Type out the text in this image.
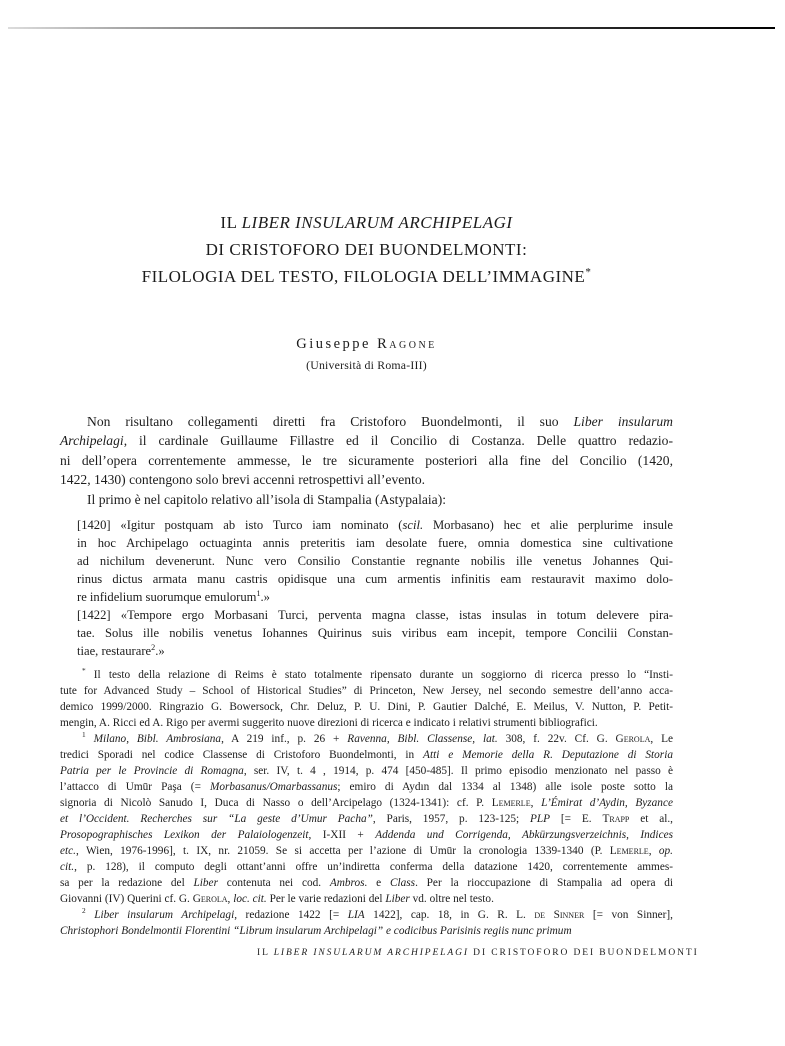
IL LIBER INSULARUM ARCHIPELAGI
DI CRISTOFORO DEI BUONDELMONTI:
FILOLOGIA DEL TESTO, FILOLOGIA DELL’IMMAGINE*
Giuseppe Ragone
(Università di Roma-III)
Non risultano collegamenti diretti fra Cristoforo Buondelmonti, il suo Liber insularum
Archipelagi, il cardinale Guillaume Fillastre ed il Concilio di Costanza. Delle quattro redazio-
ni dell’opera correntemente ammesse, le tre sicuramente posteriori alla fine del Concilio (1420,
1422, 1430) contengono solo brevi accenni retrospettivi all’evento.
Il primo è nel capitolo relativo all’isola di Stampalia (Astypalaia):
[1420] «Igitur postquam ab isto Turco iam nominato (scil. Morbasano) hec et alie perplurime insule
in hoc Archipelago octuaginta annis preteritis iam desolate fuere, omnia domestica sine cultivatione
ad nichilum devenerunt. Nunc vero Consilio Constantie regnante nobilis ille venetus Johannes Qui-
rinus dictus armata manu castris opidisque una cum armentis infinitis eam restauravit maximo dolo-
re infidelium suorumque emulorum$^1$.»
[1422] «Tempore ergo Morbasani Turci, perventa magna classe, istas insulas in totum delevere pira-
tae. Solus ille nobilis venetus Iohannes Quirinus suis viribus eam incepit, tempore Concilii Constan-
tiae, restaurare$^2$.»
* Il testo della relazione di Reims è stato totalmente ripensato durante un soggiorno di ricerca presso lo “Insti-
tute for Advanced Study – School of Historical Studies” di Princeton, New Jersey, nel secondo semestre dell’anno acca-
demico 1999/2000. Ringrazio G. Bowersock, Chr. Deluz, P. U. Dini, P. Gautier Dalché, E. Meilus, V. Nutton, P. Petit-
mengin, A. Ricci ed A. Rigo per avermi suggerito nuove direzioni di ricerca e indicato i relativi strumenti bibliografici.
$^1$ Milano, Bibl. Ambrosiana, A 219 inf., p. 26 + Ravenna, Bibl. Classense, lat. 308, f. 22v. Cf. G. Gerola, Le
tredici Sporadi nel codice Classense di Cristoforo Buondelmonti, in Atti e Memorie della R. Deputazione di Storia
Patria per le Provincie di Romagna, ser. IV, t. 4 , 1914, p. 474 [450-485]. Il primo episodio menzionato nel passo è
l’attacco di Umūr Paşa (= Morbasanus/Omarbassanus; emiro di Aydın dal 1334 al 1348) alle isole poste sotto la
signoria di Nicolò Sanudo I, Duca di Nasso o dell’Arcipelago (1324-1341): cf. P. Lemerle, L’Émirat d’Aydin, Byzance
et l’Occident. Recherches sur “La geste d’Umur Pacha”, Paris, 1957, p. 123-125; PLP [= E. Trapp et al.,
Prosopographisches Lexikon der Palaiologenzeit, I-XII + Addenda und Corrigenda, Abkürzungsverzeichnis, Indices
etc., Wien, 1976-1996], t. IX, nr. 21059. Se si accetta per l’azione di Umūr la cronologia 1339-1340 (P. Lemerle, op.
cit., p. 128), il computo degli ottant’anni offre un’indiretta conferma della datazione 1420, correntemente ammes-
sa per la redazione del Liber contenuta nei cod. Ambros. e Class. Per la rioccupazione di Stampalia ad opera di
Giovanni (IV) Querini cf. G. Gerola, loc. cit. Per le varie redazioni del Liber vd. oltre nel testo.
$^2$ Liber insularum Archipelagi, redazione 1422 [= LIA 1422], cap. 18, in G. R. L. de Sinner [= von Sinner],
Christophori Bondelmontii Florentini “Librum insularum Archipelagi” e codicibus Parisinis regiis nunc primum
IL LIBER INSULARUM ARCHIPELAGI DI CRISTOFORO DEI BUONDELMONTI
